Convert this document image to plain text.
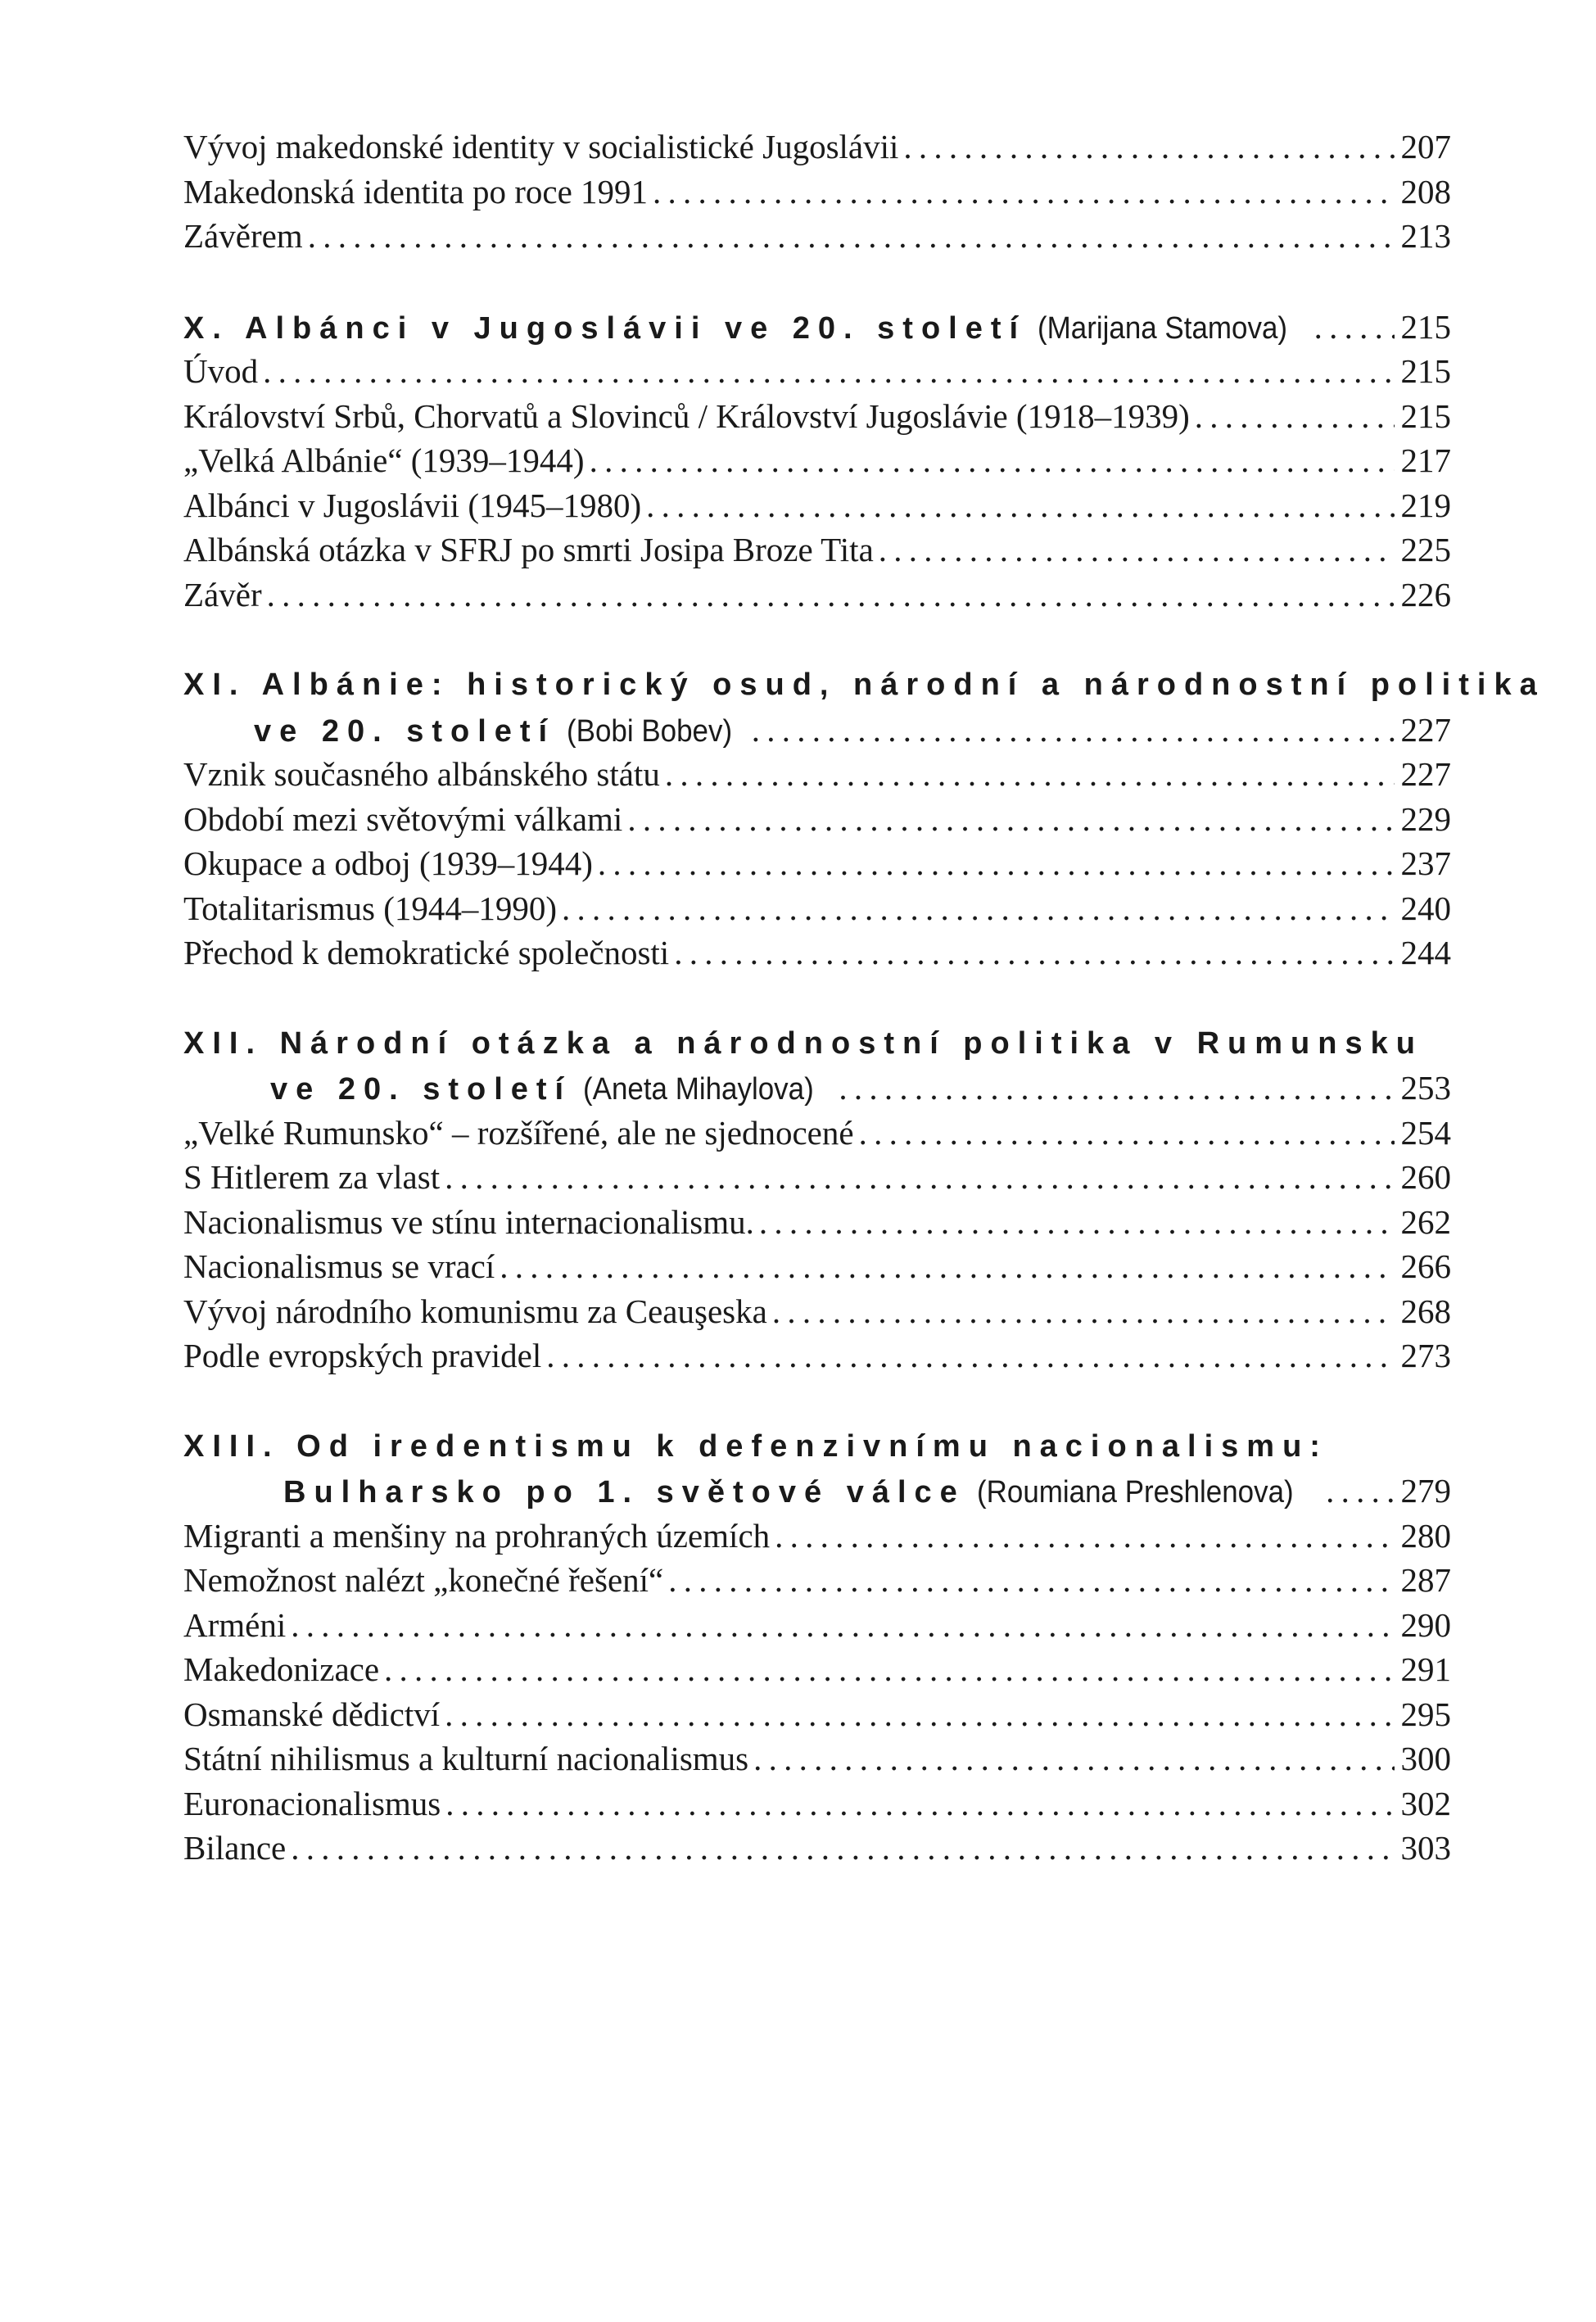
Vývoj makedonské identity v socialistické Jugoslávii . . .	207
Makedonská identita po roce 1991 . . .	208
Závěrem . . .	213
X. Albánci v Jugoslávii ve 20. století (Marijana Stamova) . . .	215
Úvod . . .	215
Království Srbů, Chorvatů a Slovinců / Království Jugoslávie (1918–1939) . . .	215
„Velká Albánie“ (1939–1944) . . .	217
Albánci v Jugoslávii (1945–1980) . . .	219
Albánská otázka v SFRJ po smrti Josipa Broze Tita . . .	225
Závěr . . .	226
XI. Albánie: historický osud, národní a národnostní politika
ve 20. století (Bobi Bobev) . . .	227
Vznik současného albánského státu . . .	227
Období mezi světovými válkami . . .	229
Okupace a odboj (1939–1944) . . .	237
Totalitarismus (1944–1990) . . .	240
Přechod k demokratické společnosti . . .	244
XII. Národní otázka a národnostní politika v Rumunsku
ve 20. století (Aneta Mihaylova) . . .	253
„Velké Rumunsko“ – rozšířené, ale ne sjednocené . . .	254
S Hitlerem za vlast . . .	260
Nacionalismus ve stínu internacionalismu. . . .	262
Nacionalismus se vrací . . .	266
Vývoj národního komunismu za Ceauşeska . . .	268
Podle evropských pravidel . . .	273
XIII. Od iredentismu k defenzivnímu nacionalismu:
Bulharsko po 1. světové válce (Roumiana Preshlenova) . . .	279
Migranti a menšiny na prohraných územích . . .	280
Nemožnost nalézt „konečné řešení“ . . .	287
Arméni . . .	290
Makedonizace . . .	291
Osmanské dědictví . . .	295
Státní nihilismus a kulturní nacionalismus . . .	300
Euronacionalismus . . .	302
Bilance . . .	303
